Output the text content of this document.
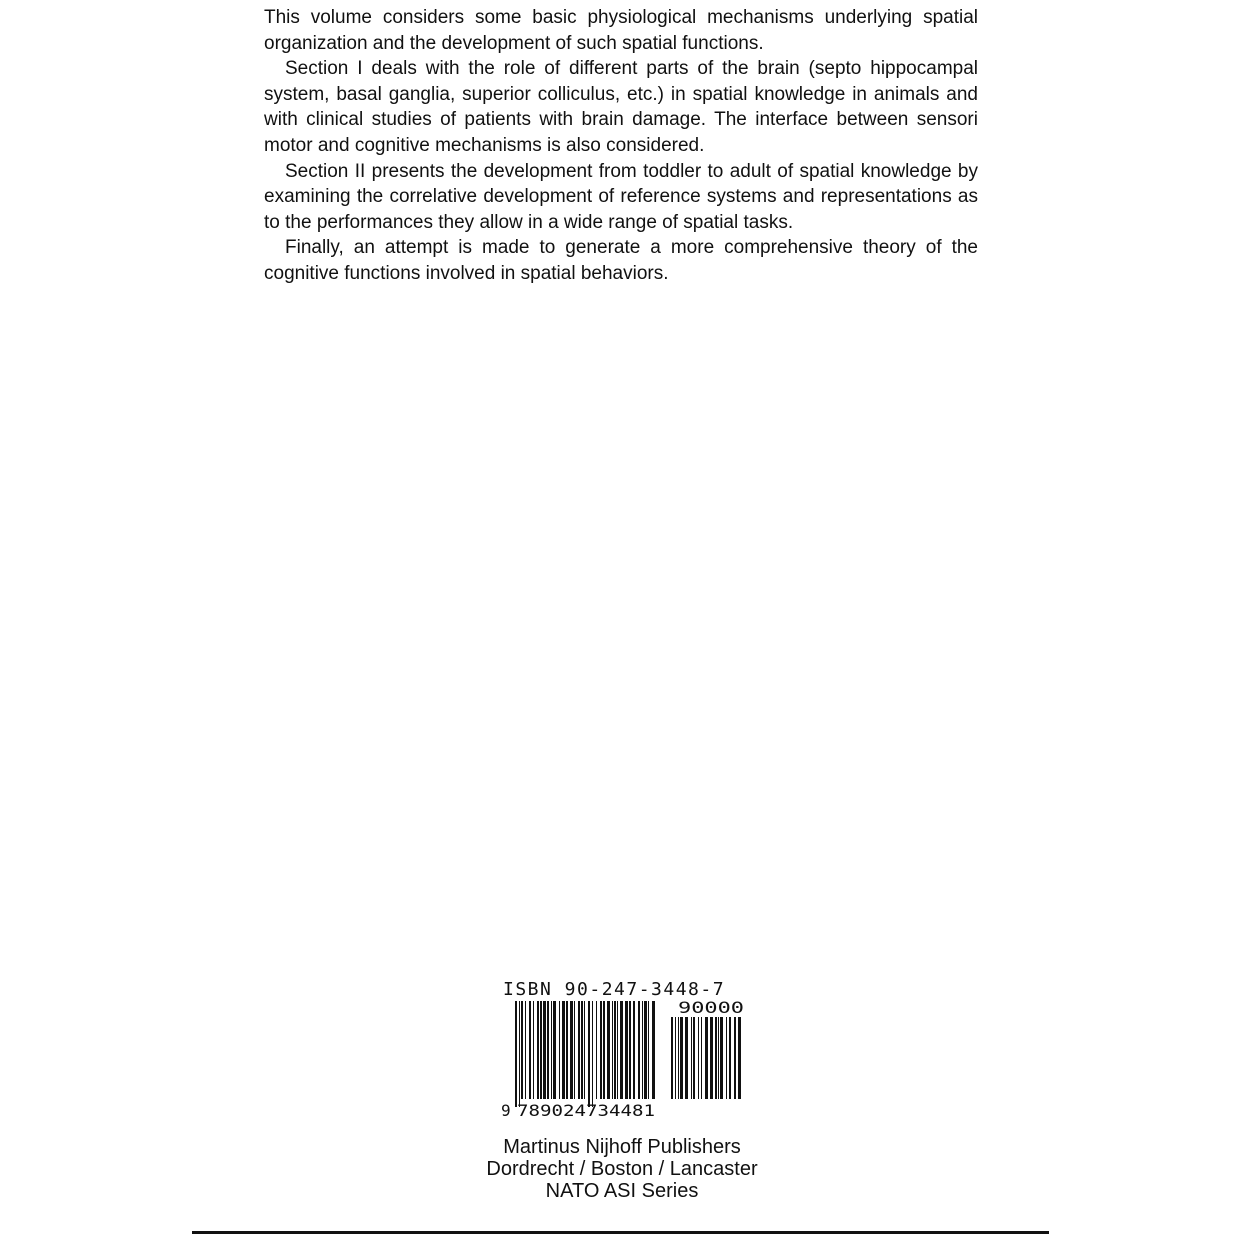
This volume considers some basic physiological mechanisms underlying spatial organization and the development of such spatial functions.

Section I deals with the role of different parts of the brain (septo hippocampal system, basal ganglia, superior colliculus, etc.) in spatial knowledge in animals and with clinical studies of patients with brain damage. The interface between sensori motor and cognitive mechanisms is also considered.

Section II presents the development from toddler to adult of spatial knowledge by examining the correlative development of reference systems and representations as to the performances they allow in a wide range of spatial tasks.

Finally, an attempt is made to generate a more comprehensive theory of the cognitive functions involved in spatial behaviors.

ISBN 90-247-3448-7
9 789024734481
90000
Martinus Nijhoff Publishers
Dordrecht / Boston / Lancaster
NATO ASI Series
